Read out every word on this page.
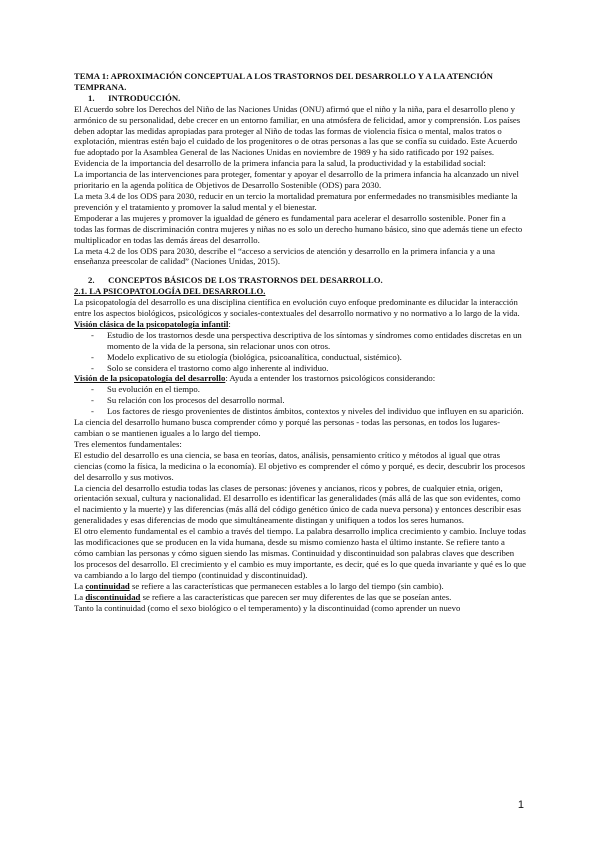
TEMA 1: APROXIMACIÓN CONCEPTUAL A LOS TRASTORNOS DEL DESARROLLO Y A LA ATENCIÓN TEMPRANA.

1. INTRODUCCIÓN.

El Acuerdo sobre los Derechos del Niño de las Naciones Unidas (ONU) afirmó que el niño y la niña, para el desarrollo pleno y armónico de su personalidad, debe crecer en un entorno familiar, en una atmósfera de felicidad, amor y comprensión. Los países deben adoptar las medidas apropiadas para proteger al Niño de todas las formas de violencia física o mental, malos tratos o explotación, mientras estén bajo el cuidado de los progenitores o de otras personas a las que se confía su cuidado. Este Acuerdo fue adoptado por la Asamblea General de las Naciones Unidas en noviembre de 1989 y ha sido ratificado por 192 países. Evidencia de la importancia del desarrollo de la primera infancia para la salud, la productividad y la estabilidad social:

La importancia de las intervenciones para proteger, fomentar y apoyar el desarrollo de la primera infancia ha alcanzado un nivel prioritario en la agenda política de Objetivos de Desarrollo Sostenible (ODS) para 2030.

La meta 3.4 de los ODS para 2030, reducir en un tercio la mortalidad prematura por enfermedades no transmisibles mediante la prevención y el tratamiento y promover la salud mental y el bienestar.

Empoderar a las mujeres y promover la igualdad de género es fundamental para acelerar el desarrollo sostenible. Poner fin a todas las formas de discriminación contra mujeres y niñas no es solo un derecho humano básico, sino que además tiene un efecto multiplicador en todas las demás áreas del desarrollo.

La meta 4.2 de los ODS para 2030, describe el “acceso a servicios de atención y desarrollo en la primera infancia y a una enseñanza preescolar de calidad” (Naciones Unidas, 2015).

2. CONCEPTOS BÁSICOS DE LOS TRASTORNOS DEL DESARROLLO.

2.1. LA PSICOPATOLOGÍA DEL DESARROLLO.

La psicopatología del desarrollo es una disciplina científica en evolución cuyo enfoque predominante es dilucidar la interacción entre los aspectos biológicos, psicológicos y sociales-contextuales del desarrollo normativo y no normativo a lo largo de la vida.

Visión clásica de la psicopatología infantil:

- Estudio de los trastornos desde una perspectiva descriptiva de los síntomas y síndromes como entidades discretas en un momento de la vida de la persona, sin relacionar unos con otros.
- Modelo explicativo de su etiología (biológica, psicoanalítica, conductual, sistémico).
- Solo se considera el trastorno como algo inherente al individuo.

Visión de la psicopatología del desarrollo: Ayuda a entender los trastornos psicológicos considerando:

- Su evolución en el tiempo.
- Su relación con los procesos del desarrollo normal.
- Los factores de riesgo provenientes de distintos ámbitos, contextos y niveles del individuo que influyen en su aparición.

La ciencia del desarrollo humano busca comprender cómo y porqué las personas - todas las personas, en todos los lugares- cambian o se mantienen iguales a lo largo del tiempo.

Tres elementos fundamentales:

El estudio del desarrollo es una ciencia, se basa en teorías, datos, análisis, pensamiento crítico y métodos al igual que otras ciencias (como la física, la medicina o la economía). El objetivo es comprender el cómo y porqué, es decir, descubrir los procesos del desarrollo y sus motivos.

La ciencia del desarrollo estudia todas las clases de personas: jóvenes y ancianos, ricos y pobres, de cualquier etnia, origen, orientación sexual, cultura y nacionalidad. El desarrollo es identificar las generalidades (más allá de las que son evidentes, como el nacimiento y la muerte) y las diferencias (más allá del código genético único de cada nueva persona) y entonces describir esas generalidades y esas diferencias de modo que simultáneamente distingan y unifiquen a todos los seres humanos.

El otro elemento fundamental es el cambio a través del tiempo. La palabra desarrollo implica crecimiento y cambio. Incluye todas las modificaciones que se producen en la vida humana, desde su mismo comienzo hasta el último instante. Se refiere tanto a cómo cambian las personas y cómo siguen siendo las mismas. Continuidad y discontinuidad son palabras claves que describen los procesos del desarrollo. El crecimiento y el cambio es muy importante, es decir, qué es lo que queda invariante y qué es lo que va cambiando a lo largo del tiempo (continuidad y discontinuidad).

La continuidad se refiere a las características que permanecen estables a lo largo del tiempo (sin cambio).

La discontinuidad se refiere a las características que parecen ser muy diferentes de las que se poseían antes.

Tanto la continuidad (como el sexo biológico o el temperamento) y la discontinuidad (como aprender un nuevo

1
